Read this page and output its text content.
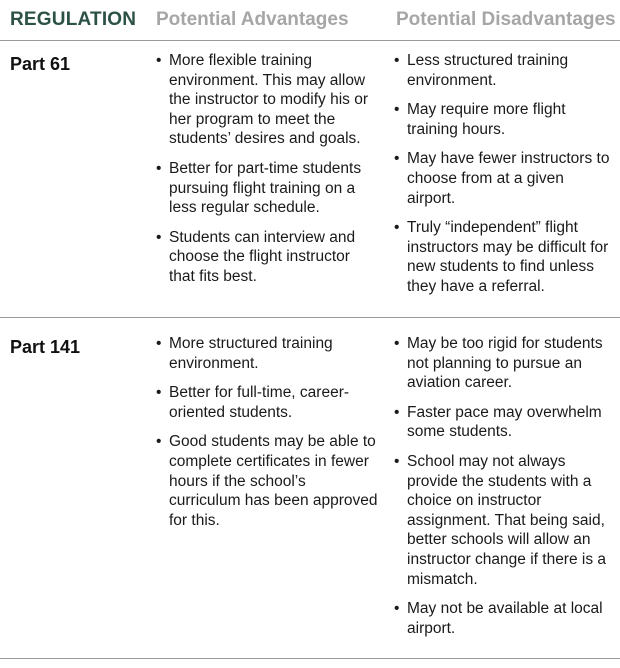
REGULATION Potential Advantages Potential Disadvantages
Part 61	• More flexible training environment. This may allow the instructor to modify his or her program to meet the students’ desires and goals.
• Better for part-time students pursuing flight training on a less regular schedule.
• Students can interview and choose the flight instructor that fits best.
• Less structured training environment.
• May require more flight training hours.
• May have fewer instructors to choose from at a given airport.
• Truly “independent” flight instructors may be difficult for new students to find unless they have a referral.
Part 141	• More structured training environment.
• Better for full-time, career-oriented students.
• Good students may be able to complete certificates in fewer hours if the school’s curriculum has been approved for this.
• May be too rigid for students not planning to pursue an aviation career.
• Faster pace may overwhelm some students.
• School may not always provide the students with a choice on instructor assignment. That being said, better schools will allow an instructor change if there is a mismatch.
• May not be available at local airport.
